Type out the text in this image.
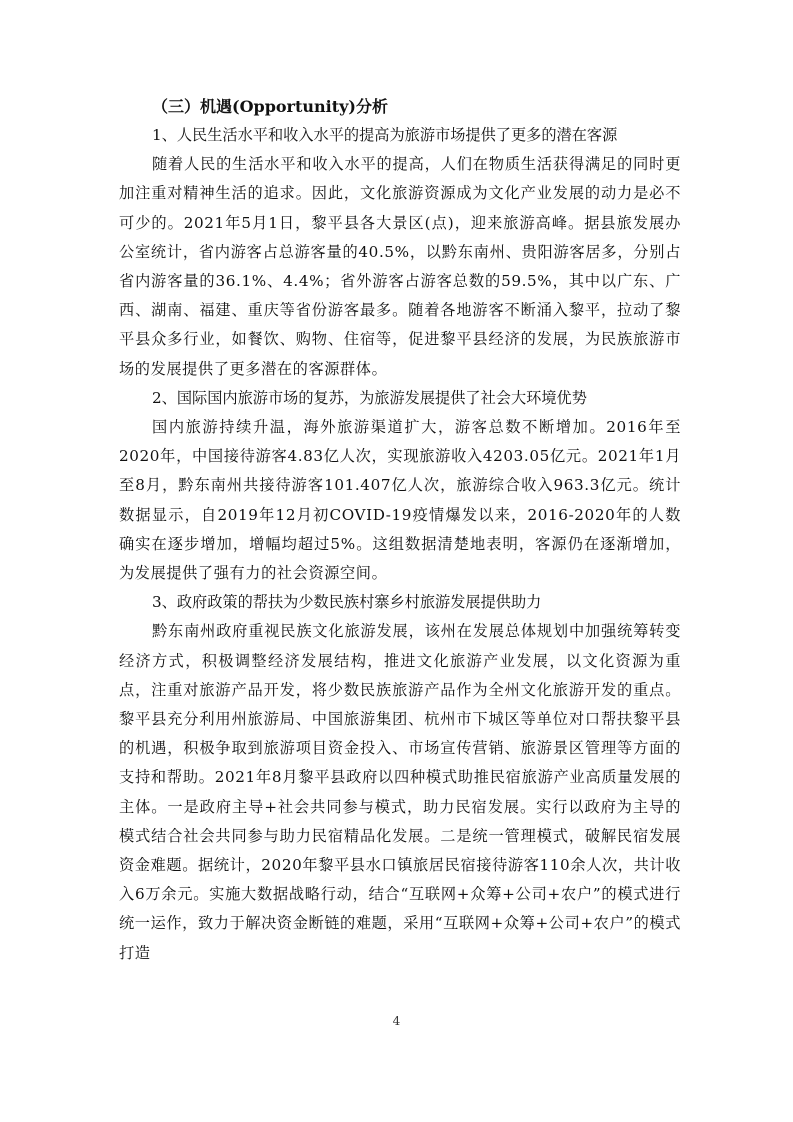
（三）机遇(Opportunity)分析

1、人民生活水平和收入水平的提高为旅游市场提供了更多的潜在客源

随着人民的生活水平和收入水平的提高，人们在物质生活获得满足的同时更加注重对精神生活的追求。因此，文化旅游资源成为文化产业发展的动力是必不可少的。2021年5月1日，黎平县各大景区(点)，迎来旅游高峰。据县旅发展办公室统计，省内游客占总游客量的40.5%，以黔东南州、贵阳游客居多，分别占省内游客量的36.1%、4.4%；省外游客占游客总数的59.5%，其中以广东、广西、湖南、福建、重庆等省份游客最多。随着各地游客不断涌入黎平，拉动了黎平县众多行业，如餐饮、购物、住宿等，促进黎平县经济的发展，为民族旅游市场的发展提供了更多潜在的客源群体。

2、国际国内旅游市场的复苏，为旅游发展提供了社会大环境优势

国内旅游持续升温，海外旅游渠道扩大，游客总数不断增加。2016年至2020年，中国接待游客4.83亿人次，实现旅游收入4203.05亿元。2021年1月至8月，黔东南州共接待游客101.407亿人次，旅游综合收入963.3亿元。统计数据显示，自2019年12月初COVID-19疫情爆发以来，2016-2020年的人数确实在逐步增加，增幅均超过5%。这组数据清楚地表明，客源仍在逐渐增加，为发展提供了强有力的社会资源空间。

3、政府政策的帮扶为少数民族村寨乡村旅游发展提供助力

黔东南州政府重视民族文化旅游发展，该州在发展总体规划中加强统筹转变经济方式，积极调整经济发展结构，推进文化旅游产业发展，以文化资源为重点，注重对旅游产品开发，将少数民族旅游产品作为全州文化旅游开发的重点。黎平县充分利用州旅游局、中国旅游集团、杭州市下城区等单位对口帮扶黎平县的机遇，积极争取到旅游项目资金投入、市场宣传营销、旅游景区管理等方面的支持和帮助。2021年8月黎平县政府以四种模式助推民宿旅游产业高质量发展的主体。一是政府主导+社会共同参与模式，助力民宿发展。实行以政府为主导的模式结合社会共同参与助力民宿精品化发展。二是统一管理模式，破解民宿发展资金难题。据统计，2020年黎平县水口镇旅居民宿接待游客110余人次，共计收入6万余元。实施大数据战略行动，结合“互联网+众筹+公司+农户”的模式进行统一运作，致力于解决资金断链的难题，采用“互联网+众筹+公司+农户”的模式打造

4
